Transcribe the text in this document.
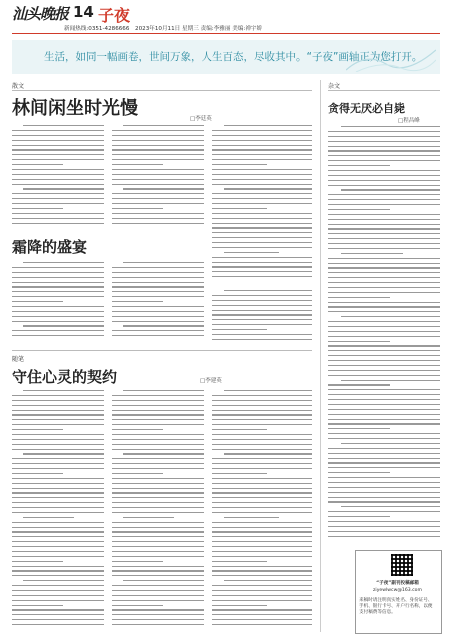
汕头晚报 14 子夜
新闻热线:0351-4286666　2023年10月11日 星期三 责编:李雅丽 美编:禅宇娇
生活，如同一幅画卷，世间万象，人生百态，尽收其中。“子夜”画轴正为您打开。
散文
林间闲坐时光慢	□李廷英
霜降的盛宴
随笔
守住心灵的契约	□李建英
杂文
贪得无厌必自毙
□程昌峰
“子夜”副刊投稿邮箱
ziyewlwcw@163.com
来稿时请注明真实姓名、身份证号、手机、银行卡号、开户行名称，以便支付稿费等信息。
